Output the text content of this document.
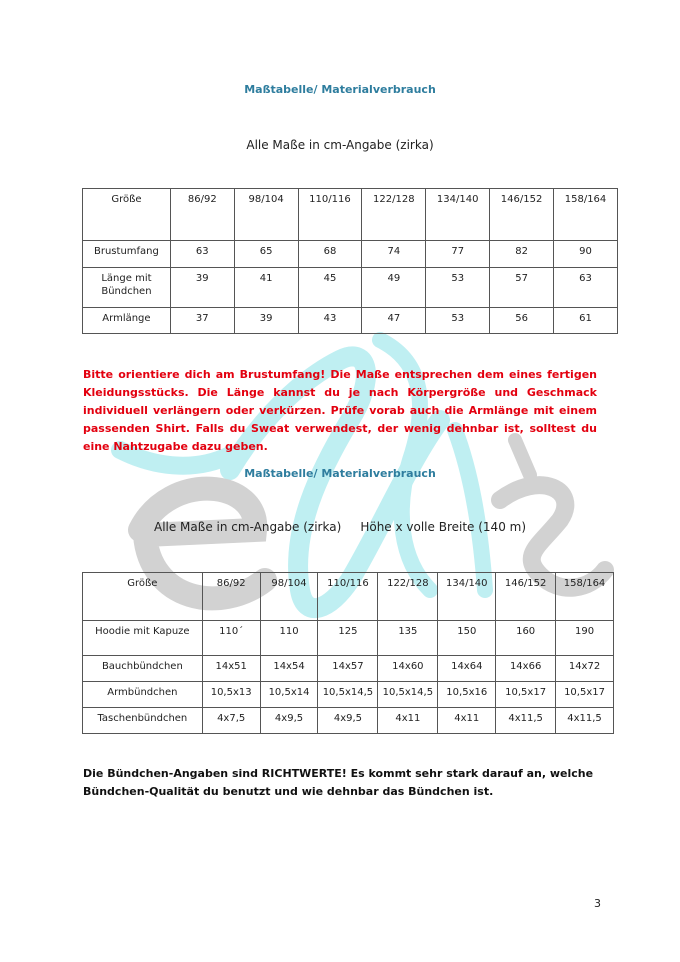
Maßtabelle/ Materialverbrauch
Alle Maße in cm-Angabe (zirka)
Größe	86/92	98/104	110/116	122/128	134/140	146/152	158/164
Brustumfang	63	65	68	74	77	82	90
Länge mit Bündchen	39	41	45	49	53	57	63
Armlänge	37	39	43	47	53	56	61
Bitte orientiere dich am Brustumfang! Die Maße entsprechen dem eines fertigen Kleidungsstücks. Die Länge kannst du je nach Körpergröße und Geschmack individuell verlängern oder verkürzen. Prüfe vorab auch die Armlänge mit einem passenden Shirt. Falls du Sweat verwendest, der wenig dehnbar ist, solltest du eine Nahtzugabe dazu geben.
Maßtabelle/ Materialverbrauch
Alle Maße in cm-Angabe (zirka)     Höhe x volle Breite (140 m)
Größe	86/92	98/104	110/116	122/128	134/140	146/152	158/164
Hoodie mit Kapuze	110´	110	125	135	150	160	190
Bauchbündchen	14x51	14x54	14x57	14x60	14x64	14x66	14x72
Armbündchen	10,5x13	10,5x14	10,5x14,5	10,5x14,5	10,5x16	10,5x17	10,5x17
Taschenbündchen	4x7,5	4x9,5	4x9,5	4x11	4x11	4x11,5	4x11,5
Die Bündchen-Angaben sind RICHTWERTE! Es kommt sehr stark darauf an, welche Bündchen-Qualität du benutzt und wie dehnbar das Bündchen ist.
3
